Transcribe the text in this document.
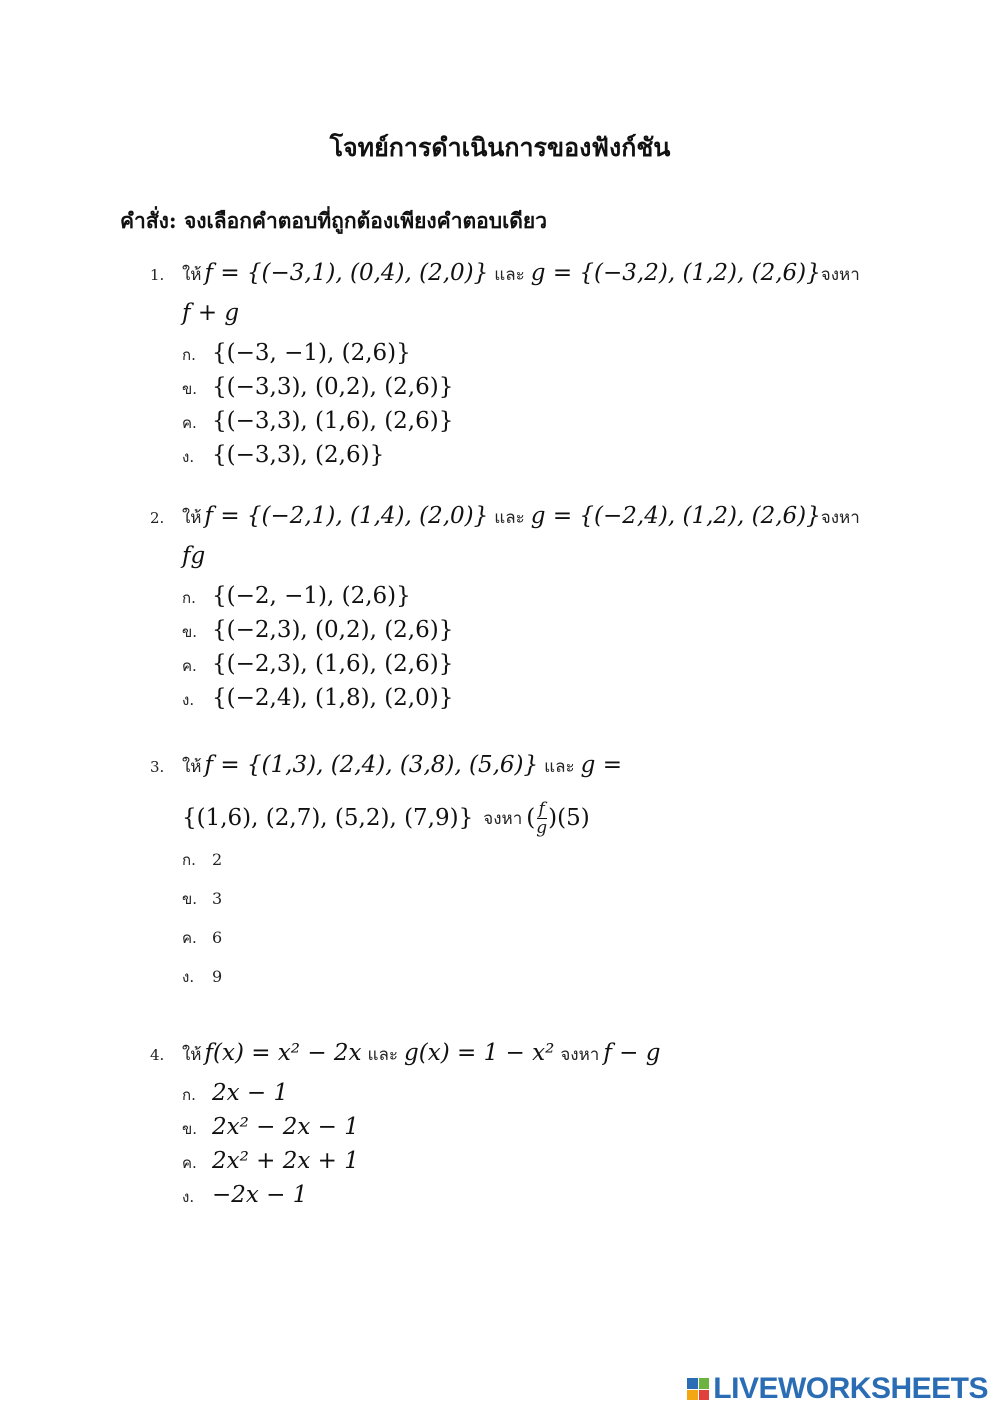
โจทย์การดำเนินการของฟังก์ชัน
คำสั่ง: จงเลือกคำตอบที่ถูกต้องเพียงคำตอบเดียว
1.	ให้ f = {(−3,1), (0,4), (2,0)} และ g = {(−3,2), (1,2), (2,6)} จงหา
f + g
ก. {(−3, −1), (2,6)}
ข. {(−3,3), (0,2), (2,6)}
ค. {(−3,3), (1,6), (2,6)}
ง. {(−3,3), (2,6)}
2.	ให้ f = {(−2,1), (1,4), (2,0)} และ g = {(−2,4), (1,2), (2,6)} จงหา
fg
ก. {(−2, −1), (2,6)}
ข. {(−2,3), (0,2), (2,6)}
ค. {(−2,3), (1,6), (2,6)}
ง. {(−2,4), (1,8), (2,0)}
3.	ให้ f = {(1,3), (2,4), (3,8), (5,6)} และ g =
{(1,6), (2,7), (5,2), (7,9)} จงหา ( $\frac{f}{g}$ ) (5)
ก.	2
ข. 3
ค. 6
ง.	9
4.	ให้ f(x) = x² − 2x และ g(x) = 1 − x² จงหา f − g
ก. 2x − 1
ข. 2x² − 2x − 1
ค. 2x² + 2x + 1
ง. −2x − 1
LIVEWORKSHEETS
